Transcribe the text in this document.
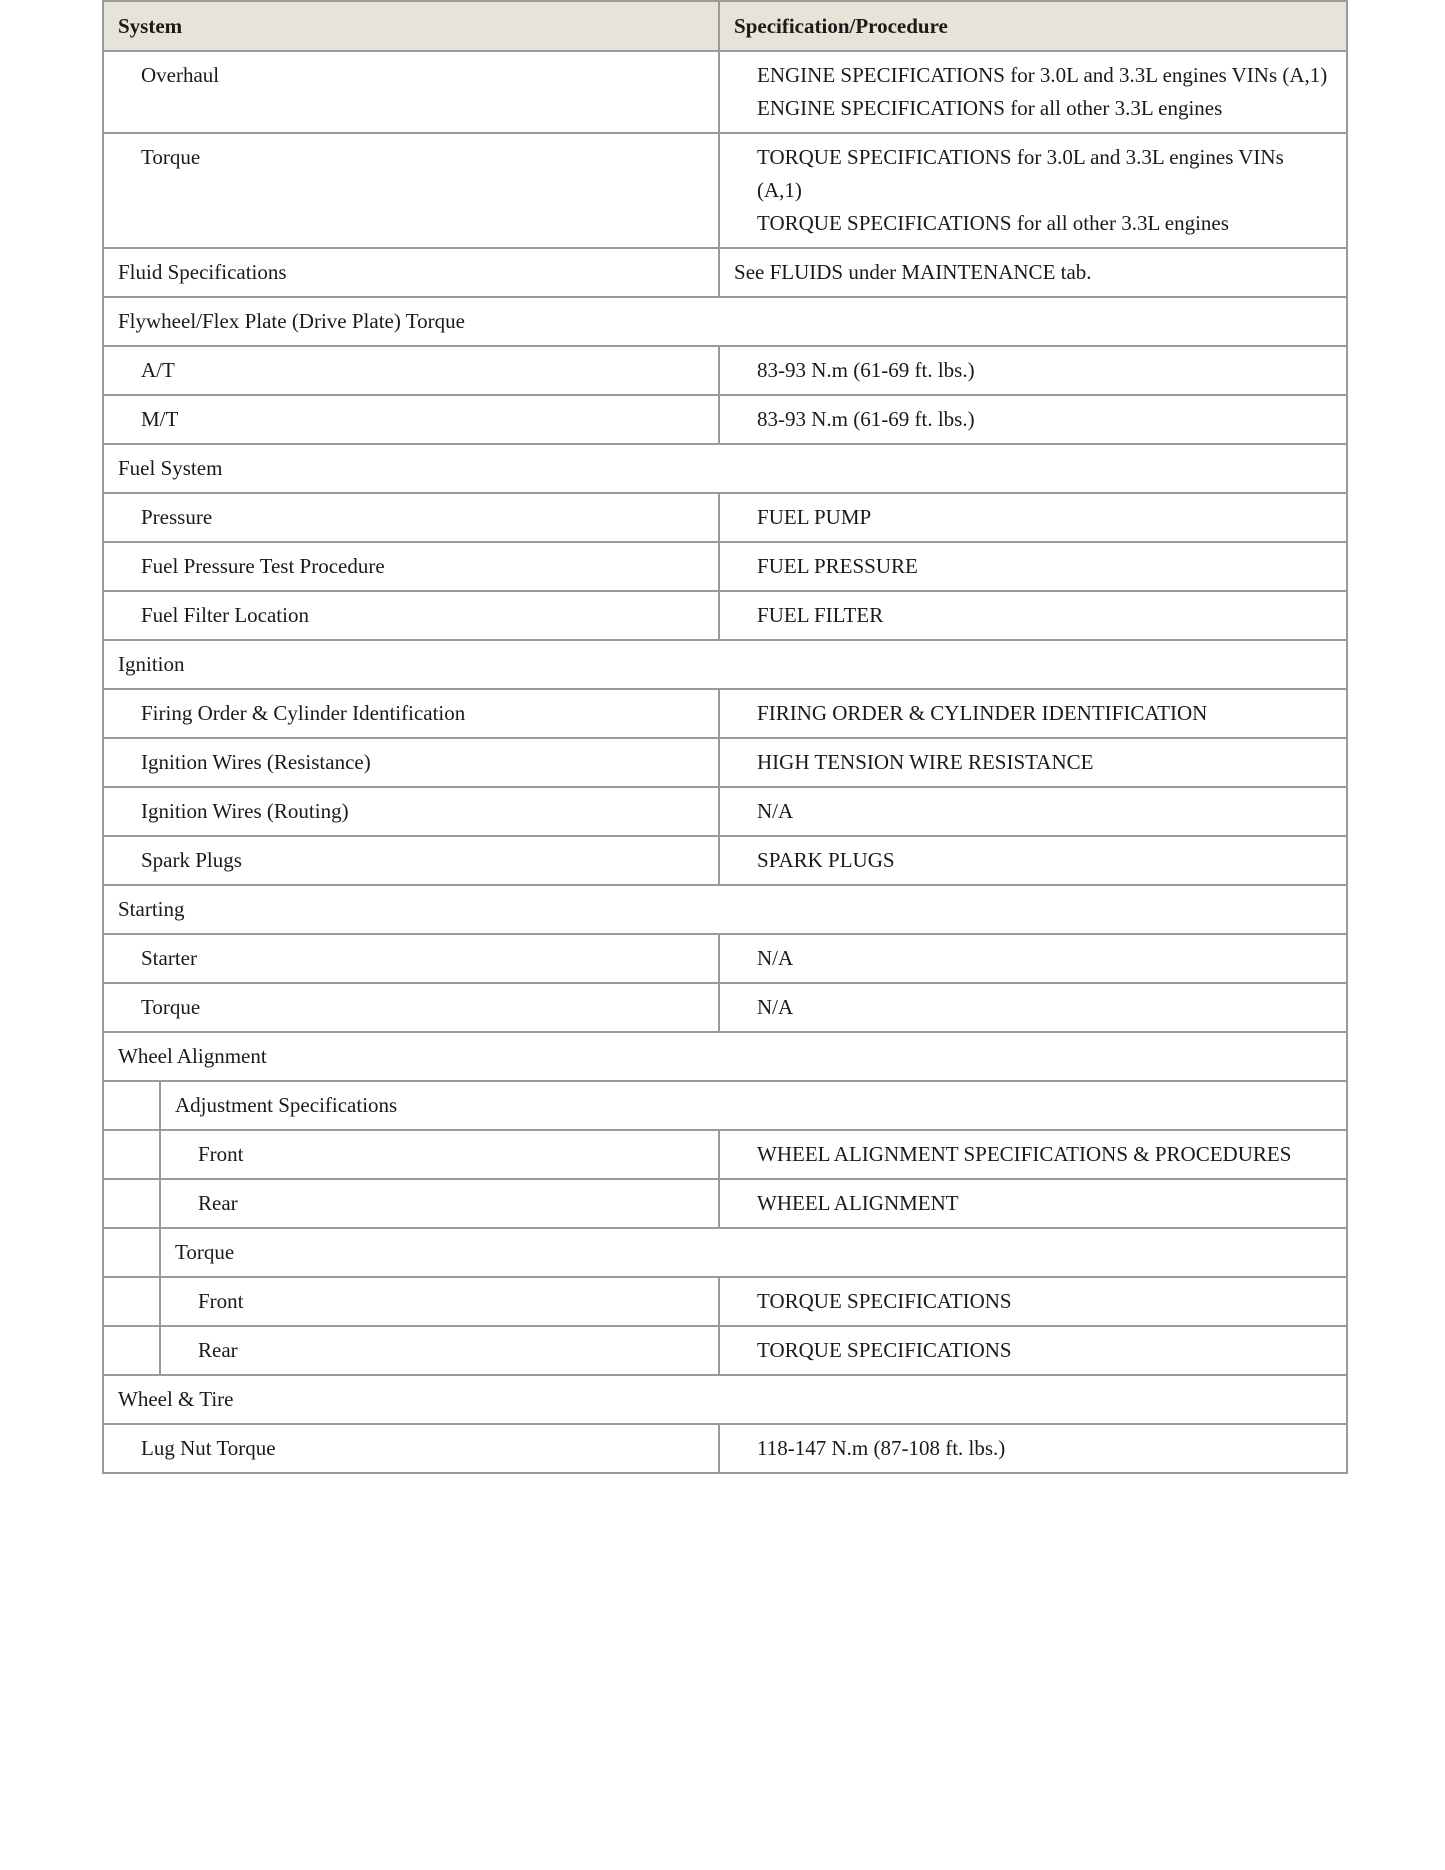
System		Specification/Procedure

Overhaul		ENGINE SPECIFICATIONS for 3.0L and 3.3L engines VINs (A,1)
ENGINE SPECIFICATIONS for all other 3.3L engines

Torque		TORQUE SPECIFICATIONS for 3.0L and 3.3L engines VINs (A,1)
TORQUE SPECIFICATIONS for all other 3.3L engines

Fluid Specifications		See FLUIDS under MAINTENANCE tab.

Flywheel/Flex Plate (Drive Plate) Torque		

A/T		83-93 N.m (61-69 ft. lbs.)

M/T		83-93 N.m (61-69 ft. lbs.)

Fuel System		

Pressure		FUEL PUMP

Fuel Pressure Test Procedure		FUEL PRESSURE

Fuel Filter Location		FUEL FILTER

Ignition		

Firing Order & Cylinder Identification		FIRING ORDER & CYLINDER IDENTIFICATION

Ignition Wires (Resistance)		HIGH TENSION WIRE RESISTANCE

Ignition Wires (Routing)		N/A

Spark Plugs		SPARK PLUGS

Starting		

Starter		N/A

Torque		N/A

Wheel Alignment		

	Adjustment Specifications	

	Front	WHEEL ALIGNMENT SPECIFICATIONS & PROCEDURES

	Rear	WHEEL ALIGNMENT

	Torque	

	Front	TORQUE SPECIFICATIONS

	Rear	TORQUE SPECIFICATIONS

Wheel & Tire		

Lug Nut Torque		118-147 N.m (87-108 ft. lbs.)
